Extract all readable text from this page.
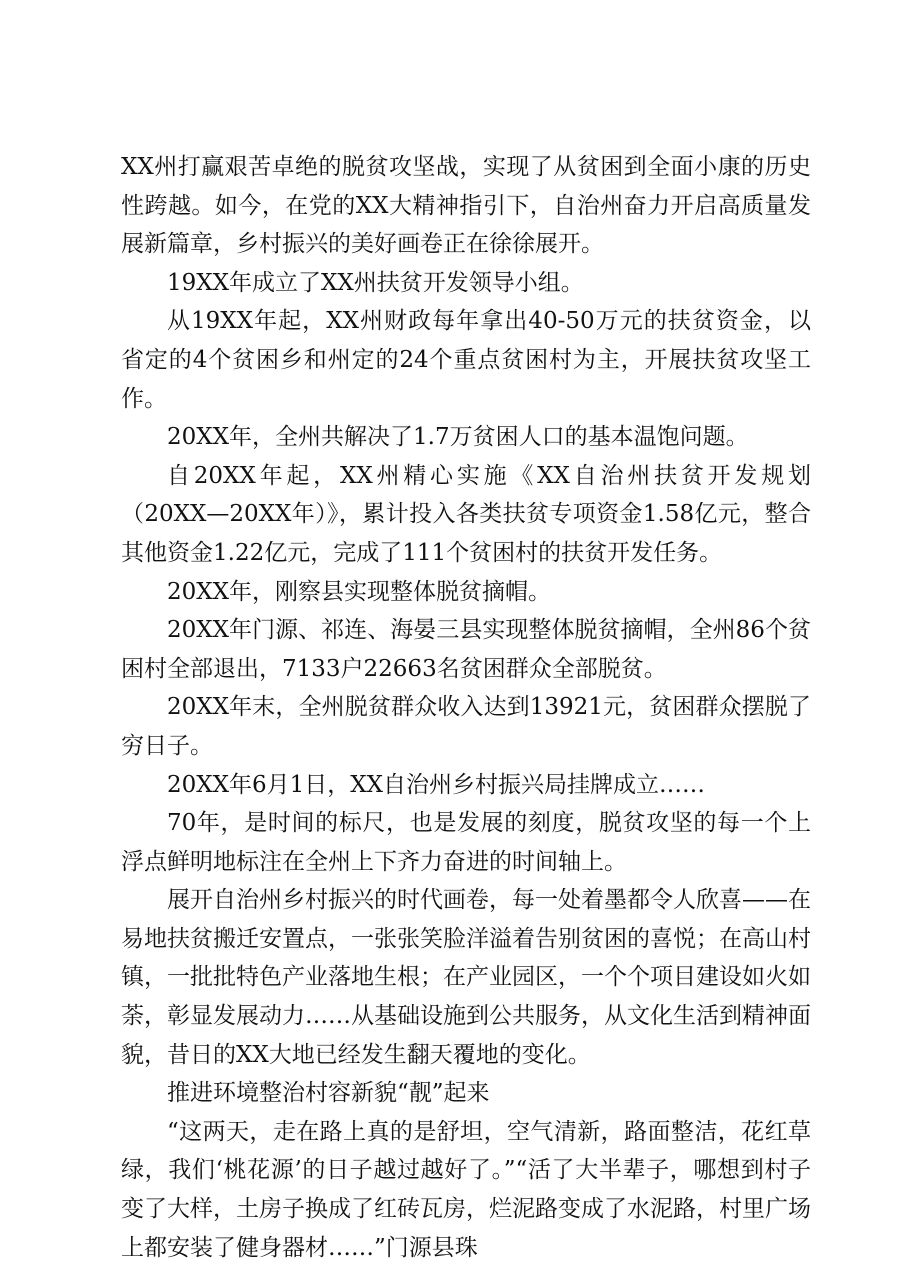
XX州打赢艰苦卓绝的脱贫攻坚战，实现了从贫困到全面小康的历史性跨越。如今，在党的XX大精神指引下，自治州奋力开启高质量发展新篇章，乡村振兴的美好画卷正在徐徐展开。

19XX年成立了XX州扶贫开发领导小组。

从19XX年起，XX州财政每年拿出40-50万元的扶贫资金，以省定的4个贫困乡和州定的24个重点贫困村为主，开展扶贫攻坚工作。

20XX年，全州共解决了1.7万贫困人口的基本温饱问题。

自20XX年起，XX州精心实施《XX自治州扶贫开发规划（20XX—20XX年）》，累计投入各类扶贫专项资金1.58亿元，整合其他资金1.22亿元，完成了111个贫困村的扶贫开发任务。

20XX年，刚察县实现整体脱贫摘帽。

20XX年门源、祁连、海晏三县实现整体脱贫摘帽，全州86个贫困村全部退出，7133户22663名贫困群众全部脱贫。

20XX年末，全州脱贫群众收入达到13921元，贫困群众摆脱了穷日子。

20XX年6月1日，XX自治州乡村振兴局挂牌成立……

70年，是时间的标尺，也是发展的刻度，脱贫攻坚的每一个上浮点鲜明地标注在全州上下齐力奋进的时间轴上。

展开自治州乡村振兴的时代画卷，每一处着墨都令人欣喜——在易地扶贫搬迁安置点，一张张笑脸洋溢着告别贫困的喜悦；在高山村镇，一批批特色产业落地生根；在产业园区，一个个项目建设如火如荼，彰显发展动力……从基础设施到公共服务，从文化生活到精神面貌，昔日的XX大地已经发生翻天覆地的变化。

推进环境整治村容新貌“靓”起来

“这两天，走在路上真的是舒坦，空气清新，路面整洁，花红草绿，我们‘桃花源’的日子越过越好了。”“活了大半辈子，哪想到村子变了大样，土房子换成了红砖瓦房，烂泥路变成了水泥路，村里广场上都安装了健身器材……”门源县珠
